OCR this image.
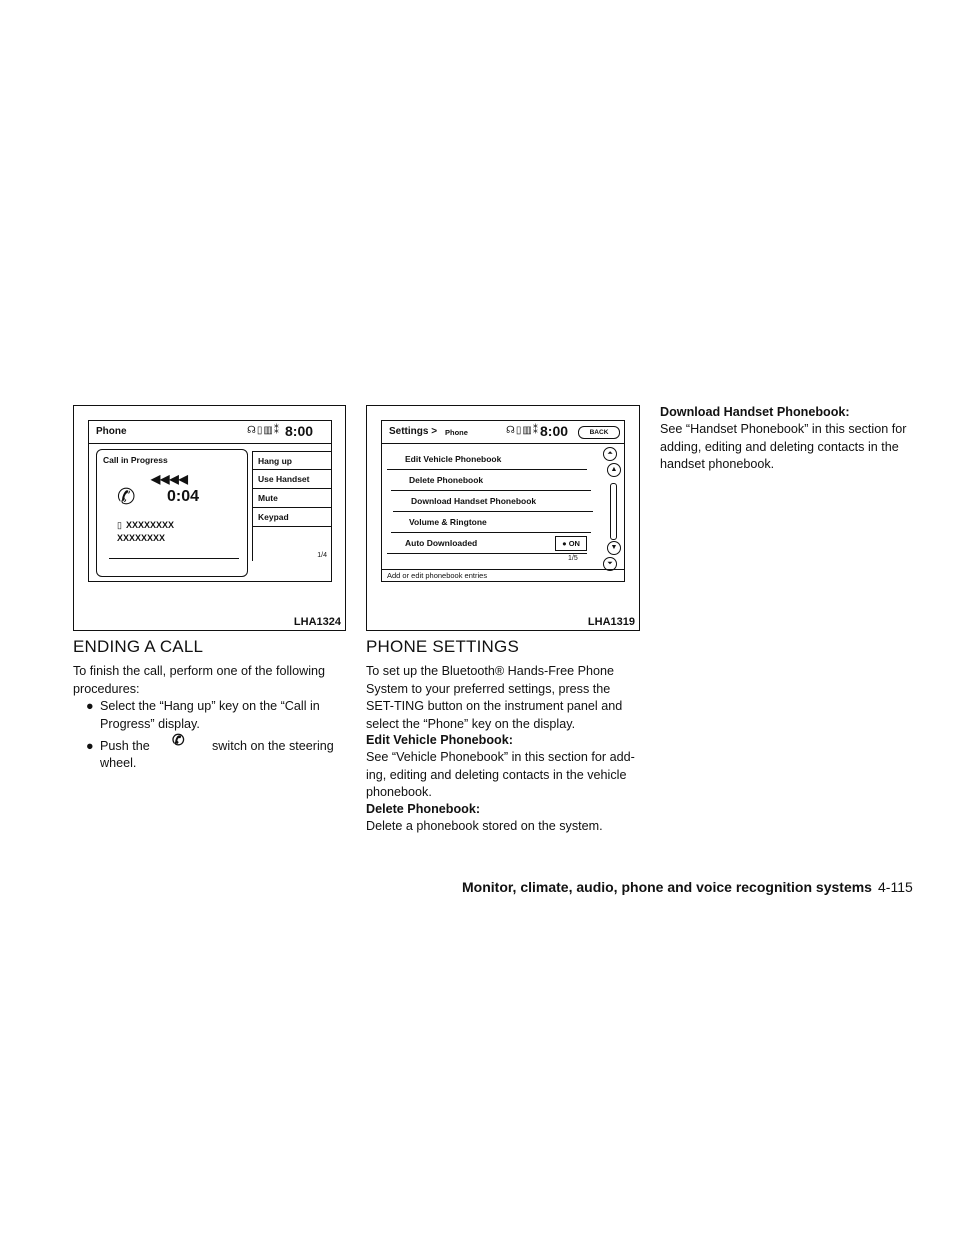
Phone	☊▯▥⁑ 8:00
Call in Progress
✆
◀◀◀◀
0:04
▯ XXXXXXXX
XXXXXXXX
Hang up
Use Handset
Mute
Keypad
1/4
LHA1324
Settings > Phone	☊▯▥⁑ 8:00	BACK
Edit Vehicle Phonebook
Delete Phonebook
Download Handset Phonebook
Volume & Ringtone
Auto Downloaded	● ON
1/5
⏶
▲
▼
⏷
Add or edit phonebook entries
LHA1319
ENDING A CALL

To finish the call, perform one of the following procedures:

● Select the “Hang up” key on the “Call in Progress” display.

● Push the ✆ switch on the steering
wheel.
PHONE SETTINGS

To set up the Bluetooth® Hands-Free Phone System to your preferred settings, press the SET-TING button on the instrument panel and select the “Phone” key on the display.

Edit Vehicle Phonebook:

See “Vehicle Phonebook” in this section for add-ing, editing and deleting contacts in the vehicle phonebook.

Delete Phonebook:

Delete a phonebook stored on the system.

Download Handset Phonebook:

See “Handset Phonebook” in this section for adding, editing and deleting contacts in the handset phonebook.

Monitor, climate, audio, phone and voice recognition systems 4-115
